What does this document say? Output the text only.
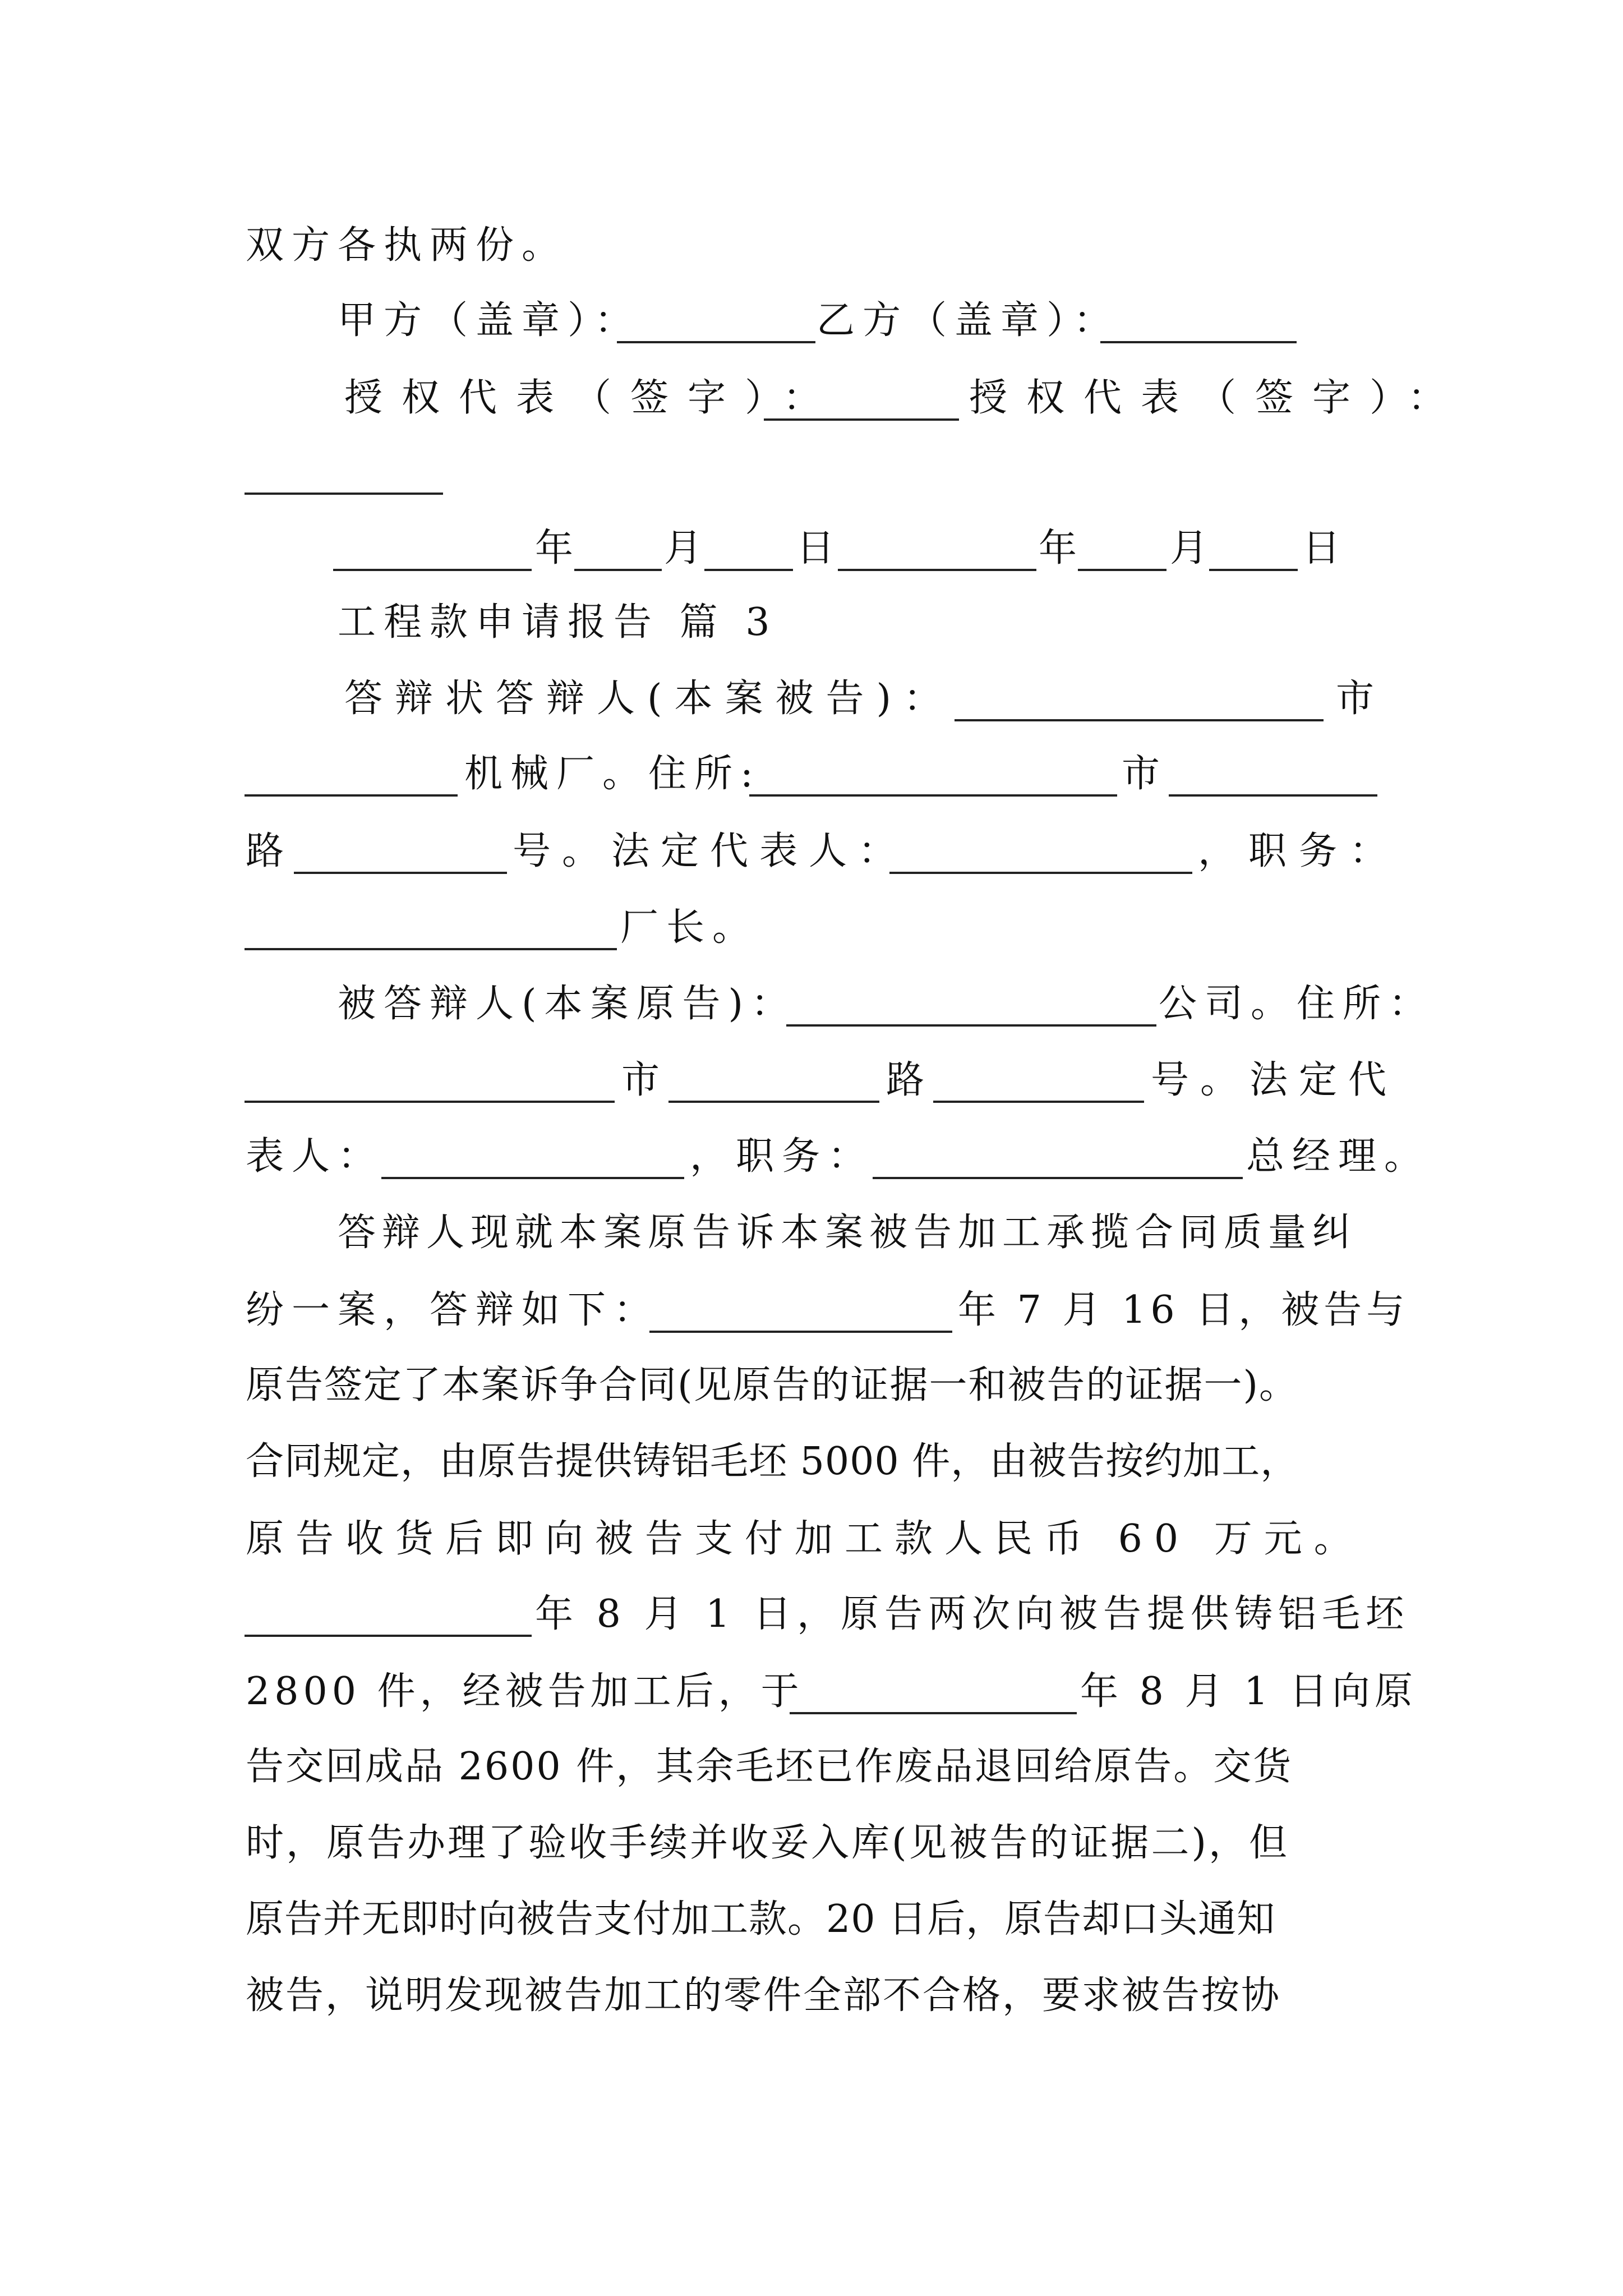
双方各执两份。
甲方（盖章）：	乙方（盖章）：
授权代表（签字）：	授权代表（签字）：
年 月 日	年 月 日
工程款申请报告 篇 3
答辩状答辩人(本案被告)：	市
机械厂。住所:	市
路	号。法定代表人：	，职务：
厂长。
被答辩人(本案原告)：	公司。住所：
市	路	号。法定代
表人：	，职务：	总经理。
答辩人现就本案原告诉本案被告加工承揽合同质量纠
纷一案，答辩如下：	年 7 月 16 日，被告与
原告签定了本案诉争合同(见原告的证据一和被告的证据一)。
合同规定，由原告提供铸铝毛坯 5000 件，由被告按约加工，
原告收货后即向被告支付加工款人民币 60 万元。
年 8 月 1 日，原告两次向被告提供铸铝毛坯
2800 件，经被告加工后，于	年 8 月 1 日向原
告交回成品 2600 件，其余毛坯已作废品退回给原告。交货
时，原告办理了验收手续并收妥入库(见被告的证据二)，但
原告并无即时向被告支付加工款。20 日后，原告却口头通知
被告，说明发现被告加工的零件全部不合格，要求被告按协
